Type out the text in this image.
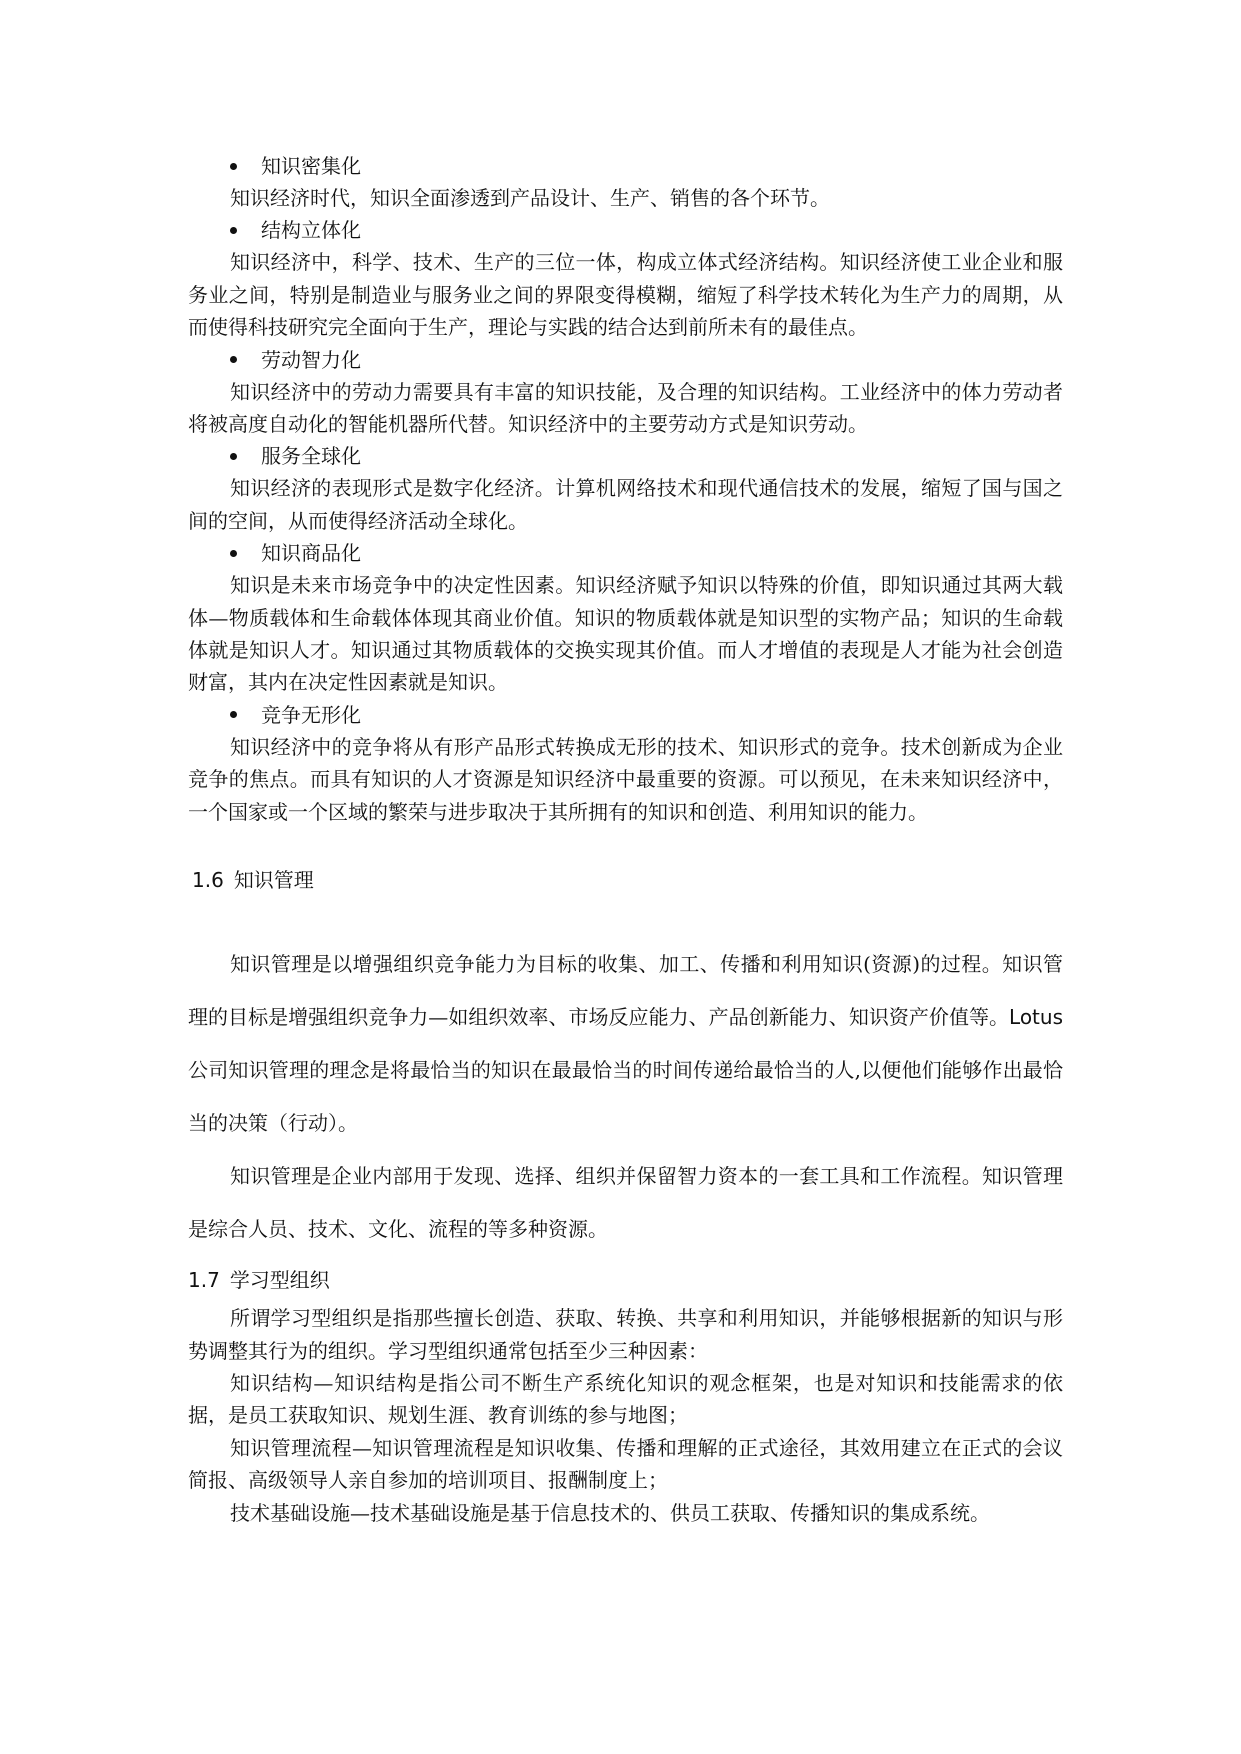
知识密集化

知识经济时代，知识全面渗透到产品设计、生产、销售的各个环节。

结构立体化

知识经济中，科学、技术、生产的三位一体，构成立体式经济结构。知识经济使工业企业和服务业之间，特别是制造业与服务业之间的界限变得模糊，缩短了科学技术转化为生产力的周期，从而使得科技研究完全面向于生产，理论与实践的结合达到前所未有的最佳点。

劳动智力化

知识经济中的劳动力需要具有丰富的知识技能，及合理的知识结构。工业经济中的体力劳动者将被高度自动化的智能机器所代替。知识经济中的主要劳动方式是知识劳动。

服务全球化

知识经济的表现形式是数字化经济。计算机网络技术和现代通信技术的发展，缩短了国与国之间的空间，从而使得经济活动全球化。

知识商品化

知识是未来市场竞争中的决定性因素。知识经济赋予知识以特殊的价值，即知识通过其两大载体—物质载体和生命载体体现其商业价值。知识的物质载体就是知识型的实物产品；知识的生命载体就是知识人才。知识通过其物质载体的交换实现其价值。而人才增值的表现是人才能为社会创造财富，其内在决定性因素就是知识。

竞争无形化

知识经济中的竞争将从有形产品形式转换成无形的技术、知识形式的竞争。技术创新成为企业竞争的焦点。而具有知识的人才资源是知识经济中最重要的资源。可以预见，在未来知识经济中，一个国家或一个区域的繁荣与进步取决于其所拥有的知识和创造、利用知识的能力。

1.6 知识管理

知识管理是以增强组织竞争能力为目标的收集、加工、传播和利用知识(资源)的过程。知识管理的目标是增强组织竞争力—如组织效率、市场反应能力、产品创新能力、知识资产价值等。Lotus 公司知识管理的理念是将最恰当的知识在最最恰当的时间传递给最恰当的人,以便他们能够作出最恰当的决策（行动）。

知识管理是企业内部用于发现、选择、组织并保留智力资本的一套工具和工作流程。知识管理是综合人员、技术、文化、流程的等多种资源。

1.7 学习型组织

所谓学习型组织是指那些擅长创造、获取、转换、共享和利用知识，并能够根据新的知识与形势调整其行为的组织。学习型组织通常包括至少三种因素：

知识结构—知识结构是指公司不断生产系统化知识的观念框架，也是对知识和技能需求的依据，是员工获取知识、规划生涯、教育训练的参与地图；

知识管理流程—知识管理流程是知识收集、传播和理解的正式途径，其效用建立在正式的会议简报、高级领导人亲自参加的培训项目、报酬制度上；

技术基础设施—技术基础设施是基于信息技术的、供员工获取、传播知识的集成系统。
